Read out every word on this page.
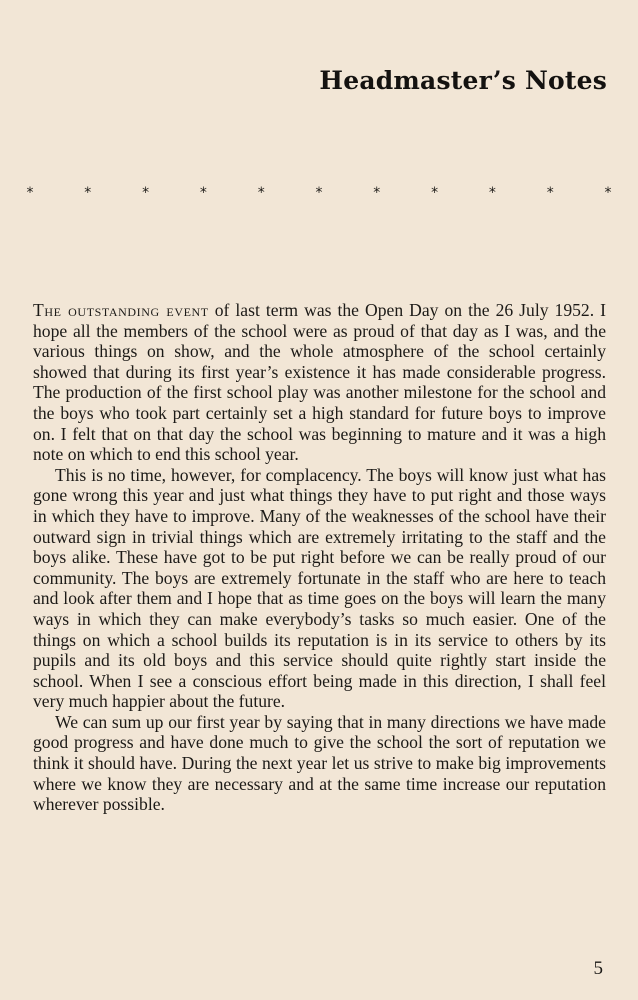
Headmaster’s Notes
*	*	*	*	*	*	*	*	*	*	*

The outstanding event of last term was the Open Day on the 26 July 1952. I hope all the members of the school were as proud of that day as I was, and the various things on show, and the whole atmosphere of the school certainly showed that during its first year’s existence it has made considerable progress. The production of the first school play was another milestone for the school and the boys who took part certainly set a high standard for future boys to improve on. I felt that on that day the school was beginning to mature and it was a high note on which to end this school year.

This is no time, however, for complacency. The boys will know just what has gone wrong this year and just what things they have to put right and those ways in which they have to improve. Many of the weaknesses of the school have their outward sign in trivial things which are extremely irritating to the staff and the boys alike. These have got to be put right before we can be really proud of our community. The boys are extremely fortunate in the staff who are here to teach and look after them and I hope that as time goes on the boys will learn the many ways in which they can make everybody’s tasks so much easier. One of the things on which a school builds its reputation is in its service to others by its pupils and its old boys and this service should quite rightly start inside the school. When I see a conscious effort being made in this direction, I shall feel very much happier about the future.

We can sum up our first year by saying that in many directions we have made good progress and have done much to give the school the sort of reputation we think it should have. During the next year let us strive to make big improvements where we know they are necessary and at the same time increase our reputation wherever possible.

5
